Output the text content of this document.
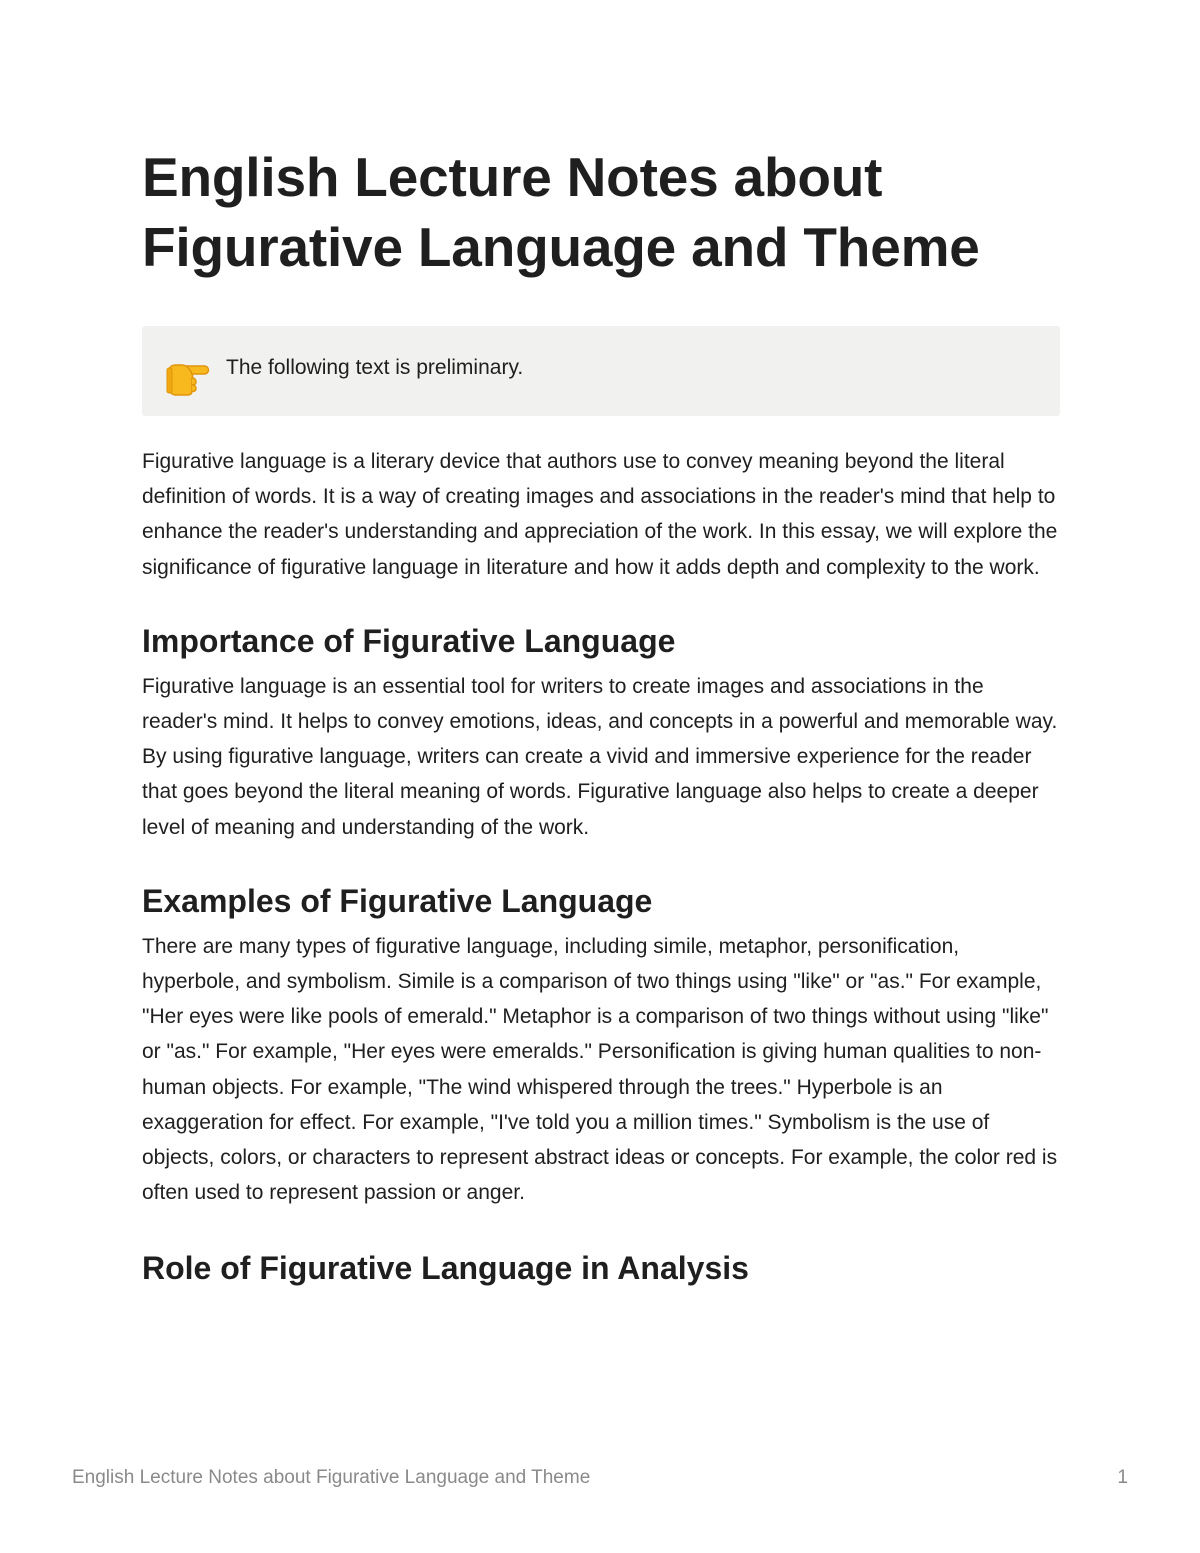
English Lecture Notes about Figurative Language and Theme
The following text is preliminary.

Figurative language is a literary device that authors use to convey meaning beyond the literal definition of words. It is a way of creating images and associations in the reader's mind that help to enhance the reader's understanding and appreciation of the work. In this essay, we will explore the significance of figurative language in literature and how it adds depth and complexity to the work.

Importance of Figurative Language

Figurative language is an essential tool for writers to create images and associations in the reader's mind. It helps to convey emotions, ideas, and concepts in a powerful and memorable way. By using figurative language, writers can create a vivid and immersive experience for the reader that goes beyond the literal meaning of words. Figurative language also helps to create a deeper level of meaning and understanding of the work.

Examples of Figurative Language

There are many types of figurative language, including simile, metaphor, personification, hyperbole, and symbolism. Simile is a comparison of two things using "like" or "as." For example, "Her eyes were like pools of emerald." Metaphor is a comparison of two things without using "like" or "as." For example, "Her eyes were emeralds." Personification is giving human qualities to non-human objects. For example, "The wind whispered through the trees." Hyperbole is an exaggeration for effect. For example, "I've told you a million times." Symbolism is the use of objects, colors, or characters to represent abstract ideas or concepts. For example, the color red is often used to represent passion or anger.

Role of Figurative Language in Analysis
English Lecture Notes about Figurative Language and Theme	1
